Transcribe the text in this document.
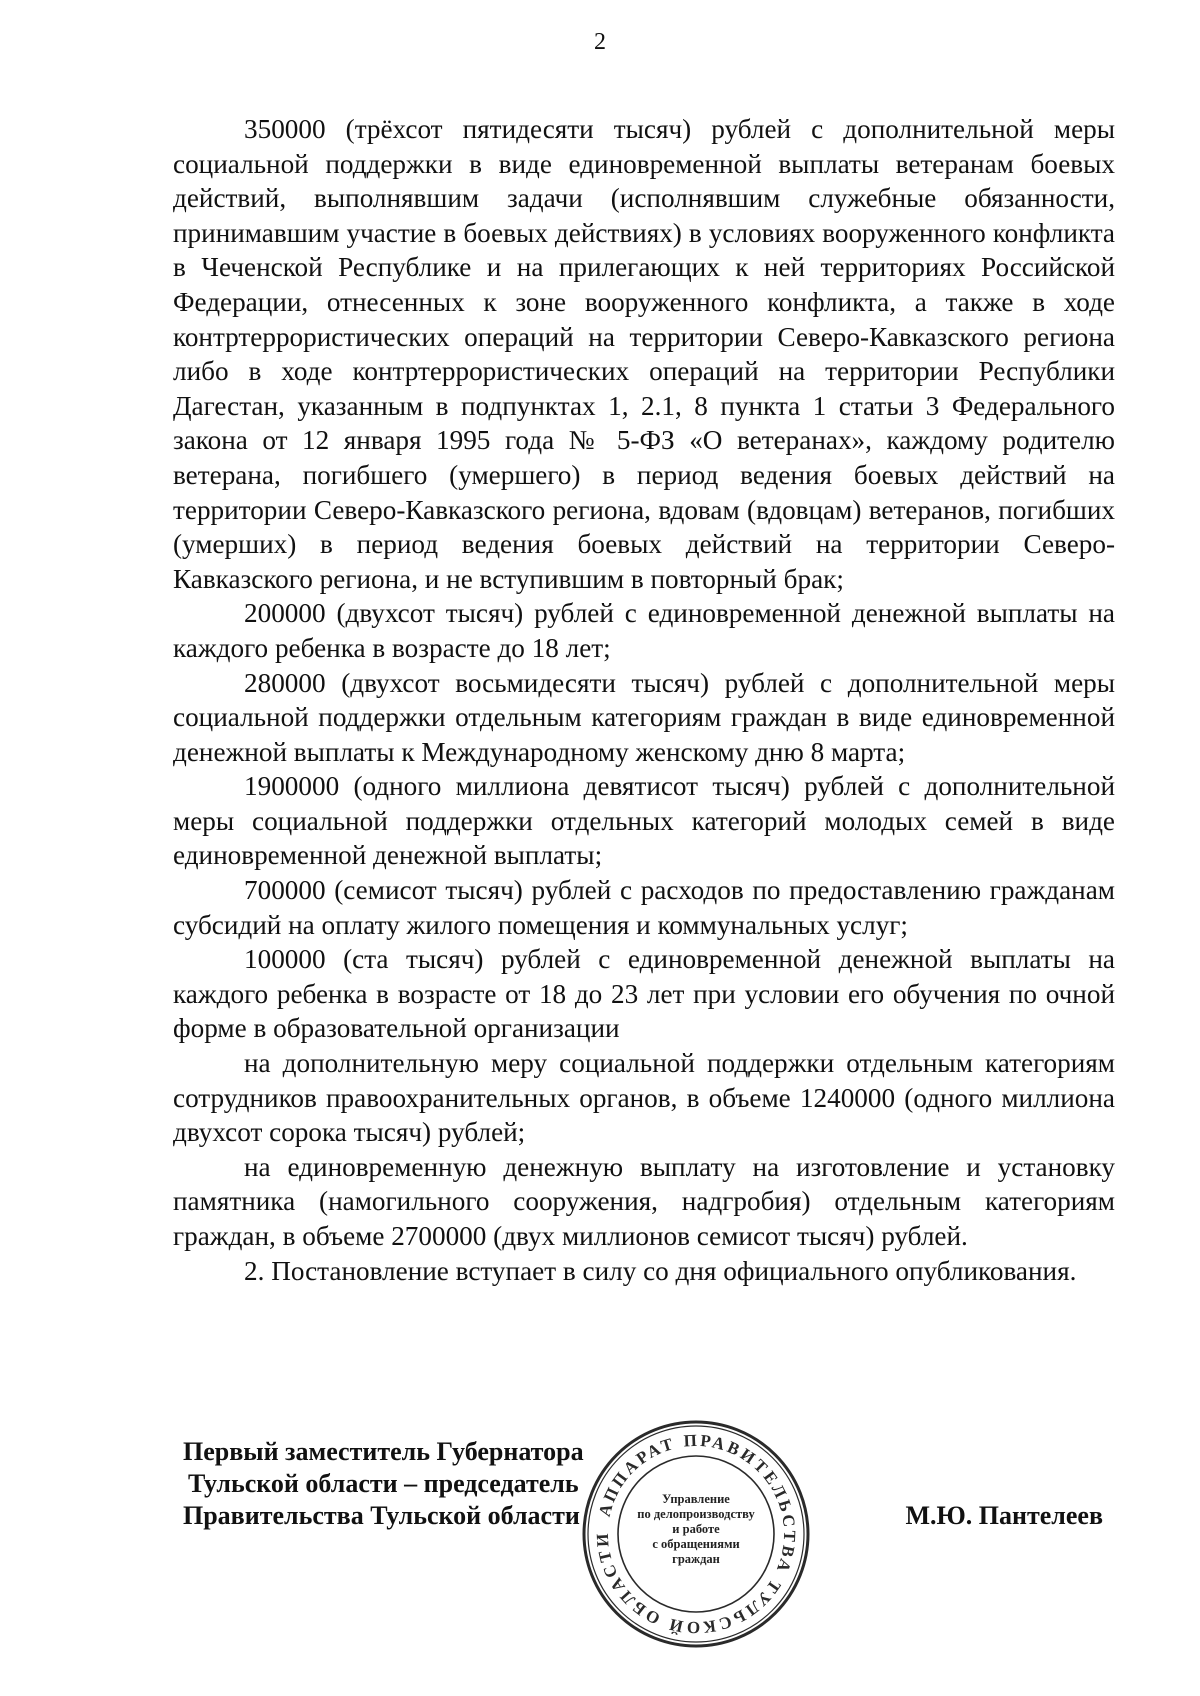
2

350000 (трёхсот пятидесяти тысяч) рублей с дополнительной меры социальной поддержки в виде единовременной выплаты ветеранам боевых действий, выполнявшим задачи (исполнявшим служебные обязанности, принимавшим участие в боевых действиях) в условиях вооруженного конфликта в Чеченской Республике и на прилегающих к ней территориях Российской Федерации, отнесенных к зоне вооруженного конфликта, а также в ходе контртеррористических операций на территории Северо-Кавказского региона либо в ходе контртеррористических операций на территории Республики Дагестан, указанным в подпунктах 1, 2.1, 8 пункта 1 статьи 3 Федерального закона от 12 января 1995 года № 5-ФЗ «О ветеранах», каждому родителю ветерана, погибшего (умершего) в период ведения боевых действий на территории Северо-Кавказского региона, вдовам (вдовцам) ветеранов, погибших (умерших) в период ведения боевых действий на территории Северо-Кавказского региона, и не вступившим в повторный брак;

200000 (двухсот тысяч) рублей с единовременной денежной выплаты на каждого ребенка в возрасте до 18 лет;

280000 (двухсот восьмидесяти тысяч) рублей с дополнительной меры социальной поддержки отдельным категориям граждан в виде единовременной денежной выплаты к Международному женскому дню 8 марта;

1900000 (одного миллиона девятисот тысяч) рублей с дополнительной меры социальной поддержки отдельных категорий молодых семей в виде единовременной денежной выплаты;

700000 (семисот тысяч) рублей с расходов по предоставлению гражданам субсидий на оплату жилого помещения и коммунальных услуг;

100000 (ста тысяч) рублей с единовременной денежной выплаты на каждого ребенка в возрасте от 18 до 23 лет при условии его обучения по очной форме в образовательной организации

на дополнительную меру социальной поддержки отдельным категориям сотрудников правоохранительных органов, в объеме 1240000 (одного миллиона двухсот сорока тысяч) рублей;

на единовременную денежную выплату на изготовление и установку памятника (намогильного сооружения, надгробия) отдельным категориям граждан, в объеме 2700000 (двух миллионов семисот тысяч) рублей.

2. Постановление вступает в силу со дня официального опубликования.

АППАРАТ ПРАВИТЕЛЬСТВА ТУЛЬСКОЙ ОБЛАСТИ
Управление
по делопроизводству
и работе
с обращениями
граждан
Первый заместитель Губернатора
Тульской области – председатель
Правительства Тульской области	М.Ю. Пантелеев
